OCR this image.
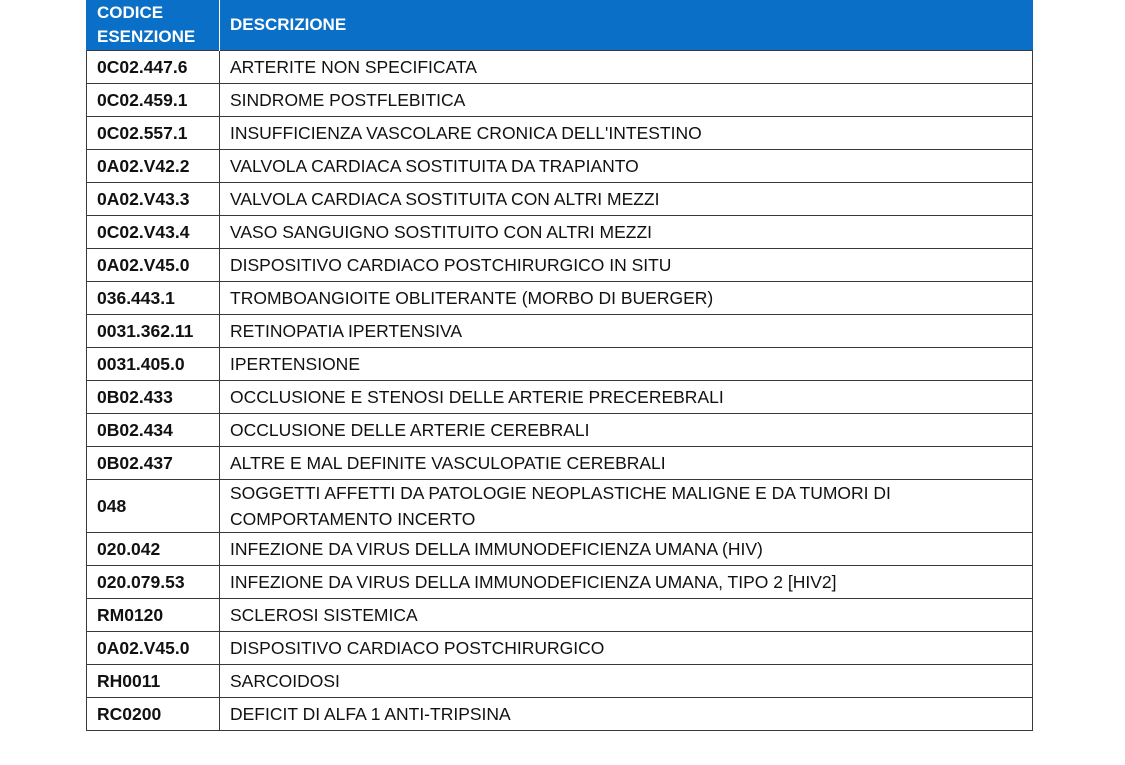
CODICE
ESENZIONE	DESCRIZIONE
0C02.447.6	ARTERITE NON SPECIFICATA
0C02.459.1	SINDROME POSTFLEBITICA
0C02.557.1	INSUFFICIENZA VASCOLARE CRONICA DELL'INTESTINO
0A02.V42.2	VALVOLA CARDIACA SOSTITUITA DA TRAPIANTO
0A02.V43.3	VALVOLA CARDIACA SOSTITUITA CON ALTRI MEZZI
0C02.V43.4	VASO SANGUIGNO SOSTITUITO CON ALTRI MEZZI
0A02.V45.0	DISPOSITIVO CARDIACO POSTCHIRURGICO IN SITU
036.443.1	TROMBOANGIOITE OBLITERANTE (MORBO DI BUERGER)
0031.362.11	RETINOPATIA IPERTENSIVA
0031.405.0	IPERTENSIONE
0B02.433	OCCLUSIONE E STENOSI DELLE ARTERIE PRECEREBRALI
0B02.434	OCCLUSIONE DELLE ARTERIE CEREBRALI
0B02.437	ALTRE E MAL DEFINITE VASCULOPATIE CEREBRALI
048	SOGGETTI AFFETTI DA PATOLOGIE NEOPLASTICHE MALIGNE E DA TUMORI DI COMPORTAMENTO INCERTO
020.042	INFEZIONE DA VIRUS DELLA IMMUNODEFICIENZA UMANA (HIV)
020.079.53	INFEZIONE DA VIRUS DELLA IMMUNODEFICIENZA UMANA, TIPO 2 [HIV2]
RM0120	SCLEROSI SISTEMICA
0A02.V45.0	DISPOSITIVO CARDIACO POSTCHIRURGICO
RH0011	SARCOIDOSI
RC0200	DEFICIT DI ALFA 1 ANTI-TRIPSINA
